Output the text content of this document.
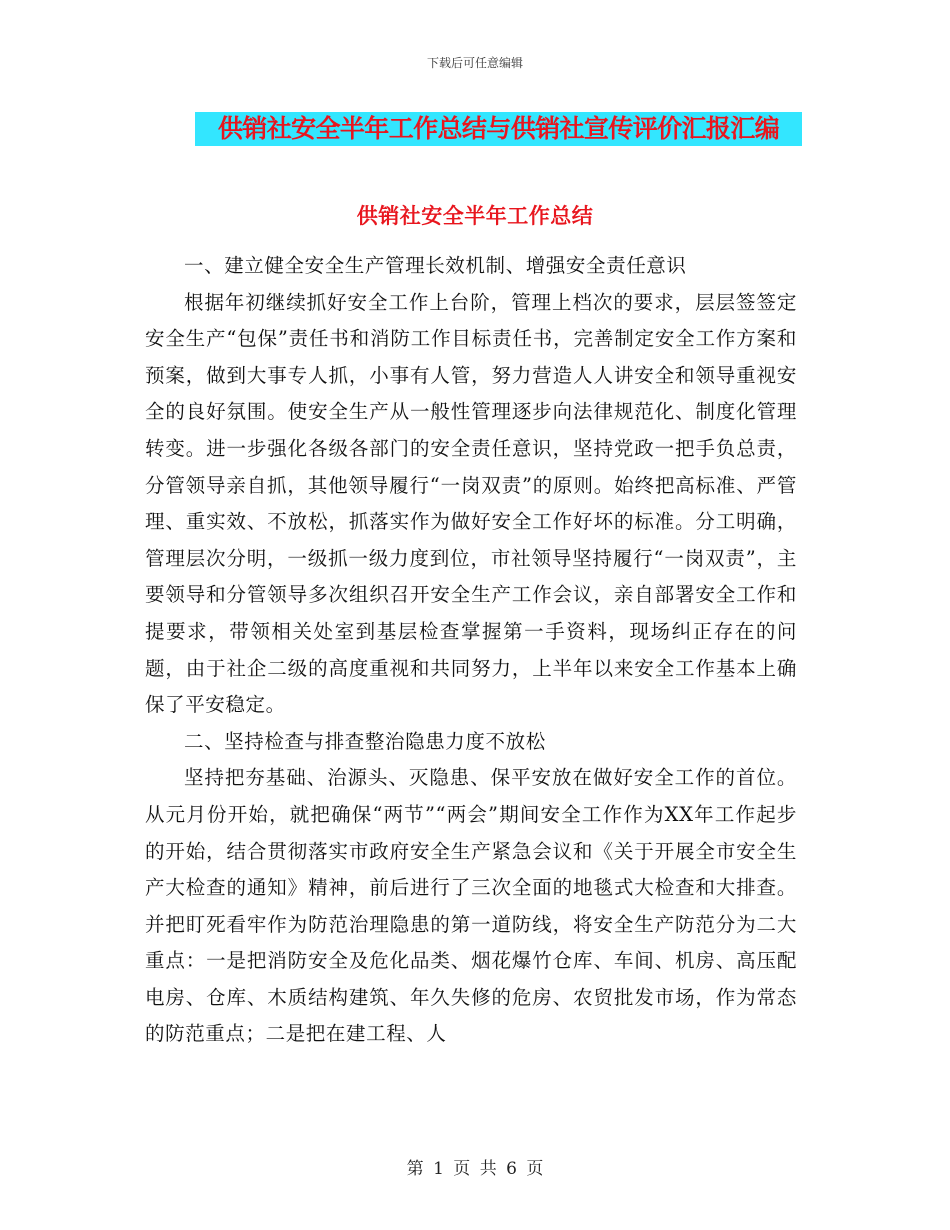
下载后可任意编辑
供销社安全半年工作总结与供销社宣传评价汇报汇编
供销社安全半年工作总结

一、建立健全安全生产管理长效机制、增强安全责任意识

根据年初继续抓好安全工作上台阶，管理上档次的要求，层层签签定安全生产“包保”责任书和消防工作目标责任书，完善制定安全工作方案和预案，做到大事专人抓，小事有人管，努力营造人人讲安全和领导重视安全的良好氛围。使安全生产从一般性管理逐步向法律规范化、制度化管理转变。进一步强化各级各部门的安全责任意识，坚持党政一把手负总责，分管领导亲自抓，其他领导履行“一岗双责”的原则。始终把高标准、严管理、重实效、不放松，抓落实作为做好安全工作好坏的标准。分工明确，管理层次分明，一级抓一级力度到位，市社领导坚持履行“一岗双责”，主要领导和分管领导多次组织召开安全生产工作会议，亲自部署安全工作和提要求，带领相关处室到基层检查掌握第一手资料，现场纠正存在的问题，由于社企二级的高度重视和共同努力，上半年以来安全工作基本上确保了平安稳定。

二、坚持检查与排查整治隐患力度不放松

坚持把夯基础、治源头、灭隐患、保平安放在做好安全工作的首位。从元月份开始，就把确保“两节”“两会”期间安全工作作为XX年工作起步的开始，结合贯彻落实市政府安全生产紧急会议和《关于开展全市安全生产大检查的通知》精神，前后进行了三次全面的地毯式大检查和大排查。并把盯死看牢作为防范治理隐患的第一道防线，将安全生产防范分为二大重点：一是把消防安全及危化品类、烟花爆竹仓库、车间、机房、高压配电房、仓库、木质结构建筑、年久失修的危房、农贸批发市场，作为常态的防范重点；二是把在建工程、人

第 1 页 共 6 页
